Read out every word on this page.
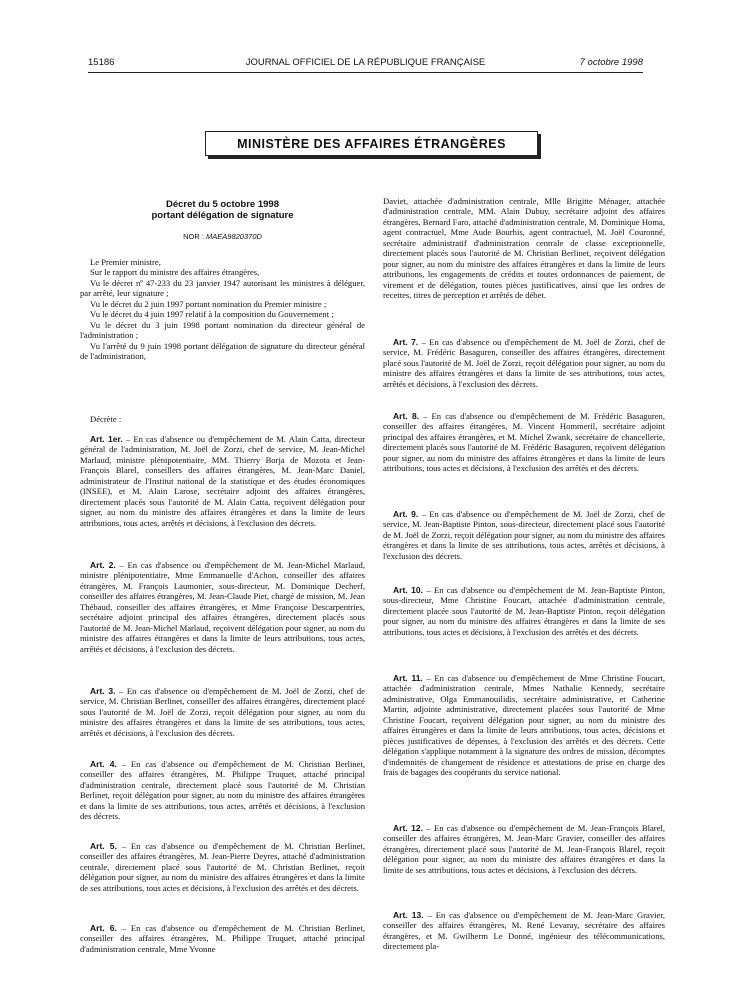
15186	JOURNAL OFFICIEL DE LA RÉPUBLIQUE FRANÇAISE	7 octobre 1998
MINISTÈRE DES AFFAIRES ÉTRANGÈRES
Décret du 5 octobre 1998
portant délégation de signature
NOR : MAEA9820370D

Le Premier ministre,

Sur le rapport du ministre des affaires étrangères,

Vu le décret nº 47-233 du 23 janvier 1947 autorisant les ministres à déléguer, par arrêté, leur signature ;

Vu le décret du 2 juin 1997 portant nomination du Premier ministre ;

Vu le décret du 4 juin 1997 relatif à la composition du Gouvernement ;

Vu le décret du 3 juin 1998 portant nomination du directeur général de l'administration ;

Vu l'arrêté du 9 juin 1998 portant délégation de signature du directeur général de l'administration,

Décrète :

Art. 1er. – En cas d'absence ou d'empêchement de M. Alain Catta, directeur général de l'administration, M. Joël de Zorzi, chef de service, M. Jean-Michel Marlaud, ministre plénipotentiaire, MM. Thierry Borja de Mozota et Jean-François Blarel, conseillers des affaires étrangères, M. Jean-Marc Daniel, administrateur de l'Institut national de la statistique et des études économiques (INSEE), et M. Alain Larose, secrétaire adjoint des affaires étrangères, directement placés sous l'autorité de M. Alain Catta, reçoivent délégation pour signer, au nom du ministre des affaires étrangères et dans la limite de leurs attributions, tous actes, arrêtés et décisions, à l'exclusion des décrets.

Art. 2. – En cas d'absence ou d'empêchement de M. Jean-Michel Marlaud, ministre plénipotentiaire, Mme Emmanuelle d'Achon, conseiller des affaires étrangères, M. François Laumonier, sous-directeur, M. Dominique Decherf, conseiller des affaires étrangères, M. Jean-Claude Piet, chargé de mission, M. Jean Thébaud, conseiller des affaires étrangères, et Mme Françoise Descarpentries, secrétaire adjoint principal des affaires étrangères, directement placés sous l'autorité de M. Jean-Michel Marlaud, reçoivent délégation pour signer, au nom du ministre des affaires étrangères et dans la limite de leurs attributions, tous actes, arrêtés et décisions, à l'exclusion des décrets.

Art. 3. – En cas d'absence ou d'empêchement de M. Joël de Zorzi, chef de service, M. Christian Berlinet, conseiller des affaires étrangères, directement placé sous l'autorité de M. Joël de Zorzi, reçoit délégation pour signer, au nom du ministre des affaires étrangères et dans la limite de ses attributions, tous actes, arrêtés et décisions, à l'exclusion des décrets.

Art. 4. – En cas d'absence ou d'empêchement de M. Christian Berlinet, conseiller des affaires étrangères, M. Philippe Truquet, attaché principal d'administration centrale, directement placé sous l'autorité de M. Christian Berlinet, reçoit délégation pour signer, au nom du ministre des affaires étrangères et dans la limite de ses attributions, tous actes, arrêtés et décisions, à l'exclusion des décrets.

Art. 5. – En cas d'absence ou d'empêchement de M. Christian Berlinet, conseiller des affaires étrangères, M. Jean-Pierre Deyres, attaché d'administration centrale, directement placé sous l'autorité de M. Christian Berlinet, reçoit délégation pour signer, au nom du ministre des affaires étrangères et dans la limite de ses attributions, tous actes et décisions, à l'exclusion des arrêtés et des décrets.

Art. 6. – En cas d'absence ou d'empêchement de M. Christian Berlinet, conseiller des affaires étrangères, M. Philippe Truquet, attaché principal d'administration centrale, Mme Yvonne

Daviet, attachée d'administration centrale, Mlle Brigitte Ménager, attachée d'administration centrale, MM. Alain Dubuy, secrétaire adjoint des affaires étrangères, Bernard Faro, attaché d'administration centrale, M. Dominique Homa, agent contractuel, Mme Aude Bourhis, agent contractuel, M. Joël Couronné, secrétaire administratif d'administration centrale de classe exceptionnelle, directement placés sous l'autorité de M. Christian Berlinet, reçoivent délégation pour signer, au nom du ministre des affaires étrangères et dans la limite de leurs attributions, les engagements de crédits et toutes ordonnances de paiement, de virement et de délégation, toutes pièces justificatives, ainsi que les ordres de recettes, titres de perception et arrêtés de débet.

Art. 7. – En cas d'absence ou d'empêchement de M. Joël de Zorzi, chef de service, M. Frédéric Basaguren, conseiller des affaires étrangères, directement placé sous l'autorité de M. Joël de Zorzi, reçoit délégation pour signer, au nom du ministre des affaires étrangères et dans la limite de ses attributions, tous actes, arrêtés et décisions, à l'exclusion des décrets.

Art. 8. – En cas d'absence ou d'empêchement de M. Frédéric Basaguren, conseiller des affaires étrangères, M. Vincent Hommeril, secrétaire adjoint principal des affaires étrangères, et M. Michel Zwank, secrétaire de chancellerie, directement placés sous l'autorité de M. Frédéric Basaguren, reçoivent délégation pour signer, au nom du ministre des affaires étrangères et dans la limite de leurs attributions, tous actes et décisions, à l'exclusion des arrêtés et des décrets.

Art. 9. – En cas d'absence ou d'empêchement de M. Joël de Zorzi, chef de service, M. Jean-Baptiste Pinton, sous-directeur, directement placé sous l'autorité de M. Joël de Zorzi, reçoit délégation pour signer, au nom du ministre des affaires étrangères et dans la limite de ses attributions, tous actes, arrêtés et décisions, à l'exclusion des décrets.

Art. 10. – En cas d'absence ou d'empêchement de M. Jean-Baptiste Pinton, sous-directeur, Mme Christine Foucart, attachée d'administration centrale, directement placée sous l'autorité de M. Jean-Baptiste Pinton, reçoit délégation pour signer, au nom du ministre des affaires étrangères et dans la limite de ses attributions, tous actes et décisions, à l'exclusion des arrêtés et des décrets.

Art. 11. – En cas d'absence ou d'empêchement de Mme Christine Foucart, attachée d'administration centrale, Mmes Nathalie Kennedy, secrétaire administrative, Olga Emmanouilidis, secrétaire administrative, et Catherine Martin, adjointe administrative, directement placées sous l'autorité de Mme Christine Foucart, reçoivent délégation pour signer, au nom du ministre des affaires étrangères et dans la limite de leurs attributions, tous actes, décisions et pièces justificatives de dépenses, à l'exclusion des arrêtés et des décrets. Cette délégation s'applique notamment à la signature des ordres de mission, décomptes d'indemnités de changement de résidence et attestations de prise en charge des frais de bagages des coopérants du service national.

Art. 12. – En cas d'absence ou d'empêchement de M. Jean-François Blarel, conseiller des affaires étrangères, M. Jean-Marc Gravier, conseiller des affaires étrangères, directement placé sous l'autorité de M. Jean-François Blarel, reçoit délégation pour signer, au nom du ministre des affaires étrangères et dans la limite de ses attributions, tous actes et décisions, à l'exclusion des décrets.

Art. 13. – En cas d'absence ou d'empêchement de M. Jean-Marc Gravier, conseiller des affaires étrangères, M. René Levaray, secrétaire des affaires étrangères, et M. Gwilherm Le Donné, ingénieur des télécommunications, directement pla-
